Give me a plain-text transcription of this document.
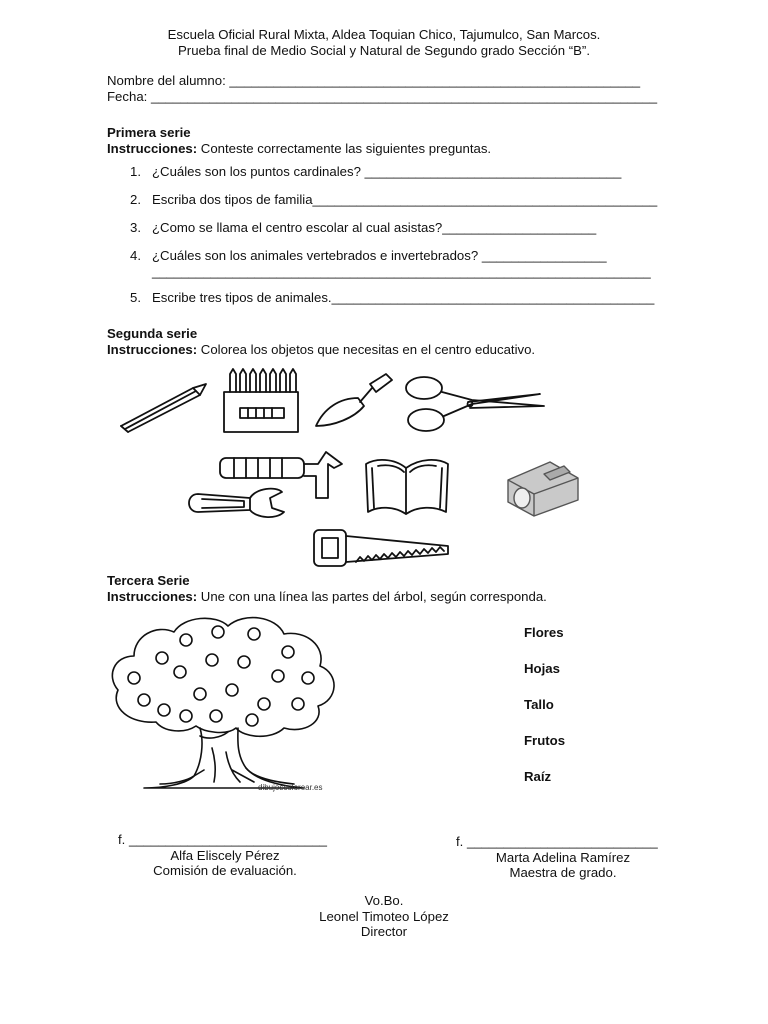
Escuela Oficial Rural Mixta, Aldea Toquian Chico, Tajumulco, San Marcos.
Prueba final de Medio Social y Natural de Segundo grado Sección “B”.
Nombre del alumno: ________________________________________________________
Fecha: _____________________________________________________________________
Primera serie
Instrucciones: Conteste correctamente las siguientes preguntas.
1. ¿Cuáles son los puntos cardinales? ___________________________________
2. Escriba dos tipos de familia_______________________________________________
3. ¿Como se llama el centro escolar al cual asistas?_____________________
4. ¿Cuáles son los animales vertebrados e invertebrados? _________________
____________________________________________________________________
5. Escribe tres tipos de animales.____________________________________________
Segunda serie
Instrucciones: Colorea los objetos que necesitas en el centro educativo.
Tercera Serie
Instrucciones: Une con una línea las partes del árbol, según corresponda.
dibujoscolorear.es
Flores
Hojas
Tallo
Frutos
Raíz
f. ___________________________
Alfa Eliscely Pérez
Comisión de evaluación.
f. __________________________
Marta Adelina Ramírez
Maestra de grado.
Vo.Bo.
Leonel Timoteo López
Director
